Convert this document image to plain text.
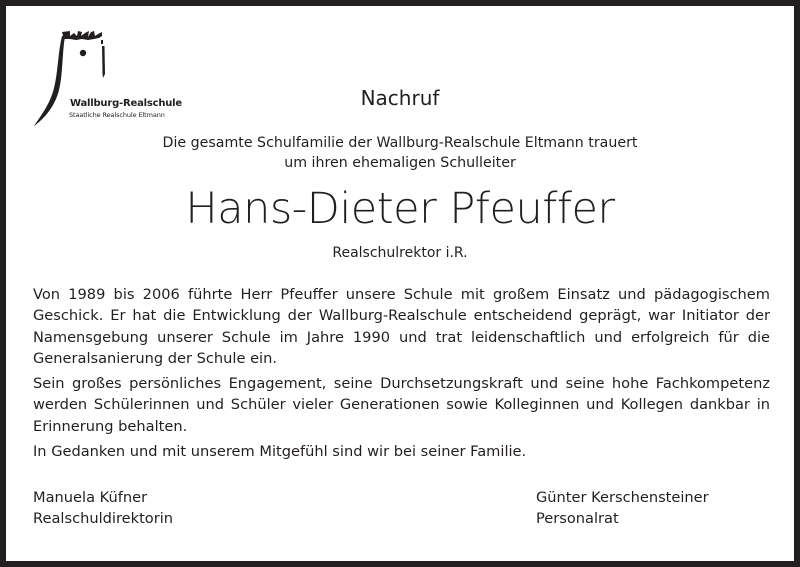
Wallburg-Realschule
Staatliche Realschule Eltmann
Nachruf
Die gesamte Schulfamilie der Wallburg-Realschule Eltmann trauert
um ihren ehemaligen Schulleiter
Hans-Dieter Pfeuffer
Realschulrektor i.R.

Von 1989 bis 2006 führte Herr Pfeuffer unsere Schule mit großem Einsatz und pädagogischem Geschick. Er hat die Entwicklung der Wallburg-Realschule entscheidend geprägt, war Initiator der Namensgebung unserer Schule im Jahre 1990 und trat leidenschaftlich und erfolgreich für die Generalsanierung der Schule ein.

Sein großes persönliches Engagement, seine Durchsetzungskraft und seine hohe Fachkompetenz werden Schülerinnen und Schüler vieler Generationen sowie Kolleginnen und Kollegen dankbar in Erinnerung behalten.

In Gedanken und mit unserem Mitgefühl sind wir bei seiner Familie.

Manuela Küfner
Realschuldirektorin
Günter Kerschensteiner
Personalrat
